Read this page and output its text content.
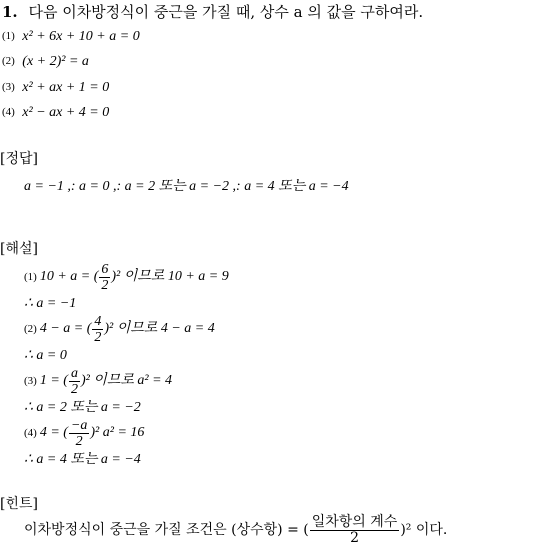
1. 다음 이차방정식이 중근을 가질 때, 상수 a 의 값을 구하여라.
(1) x² + 6x + 10 + a = 0
(2) (x + 2)² = a
(3) x² + ax + 1 = 0
(4) x² − ax + 4 = 0
[정답]
a = −1 ,: a = 0 ,: a = 2 또는 a = −2 ,: a = 4 또는 a = −4
[해설]
(1) 10 + a = ( $\frac{6}{2} )^2$ 이므로 10 + a = 9
∴ a = −1
(2) 4 − a = ( $\frac{4}{2} )^2$ 이므로 4 − a = 4
∴ a = 0
(3) 1 = ( $\frac{a}{2} )^2$ 이므로 a² = 4
∴ a = 2 또는 a = −2
(4) 4 = ( $\frac{-a}{2} )^2$ a² = 16
∴ a = 4 또는 a = −4
[힌트]
이차방정식이 중근을 가질 조건은 (상수항) = ( $\frac{\text{일차항의 계수}}{2} )^2$ 이다.
